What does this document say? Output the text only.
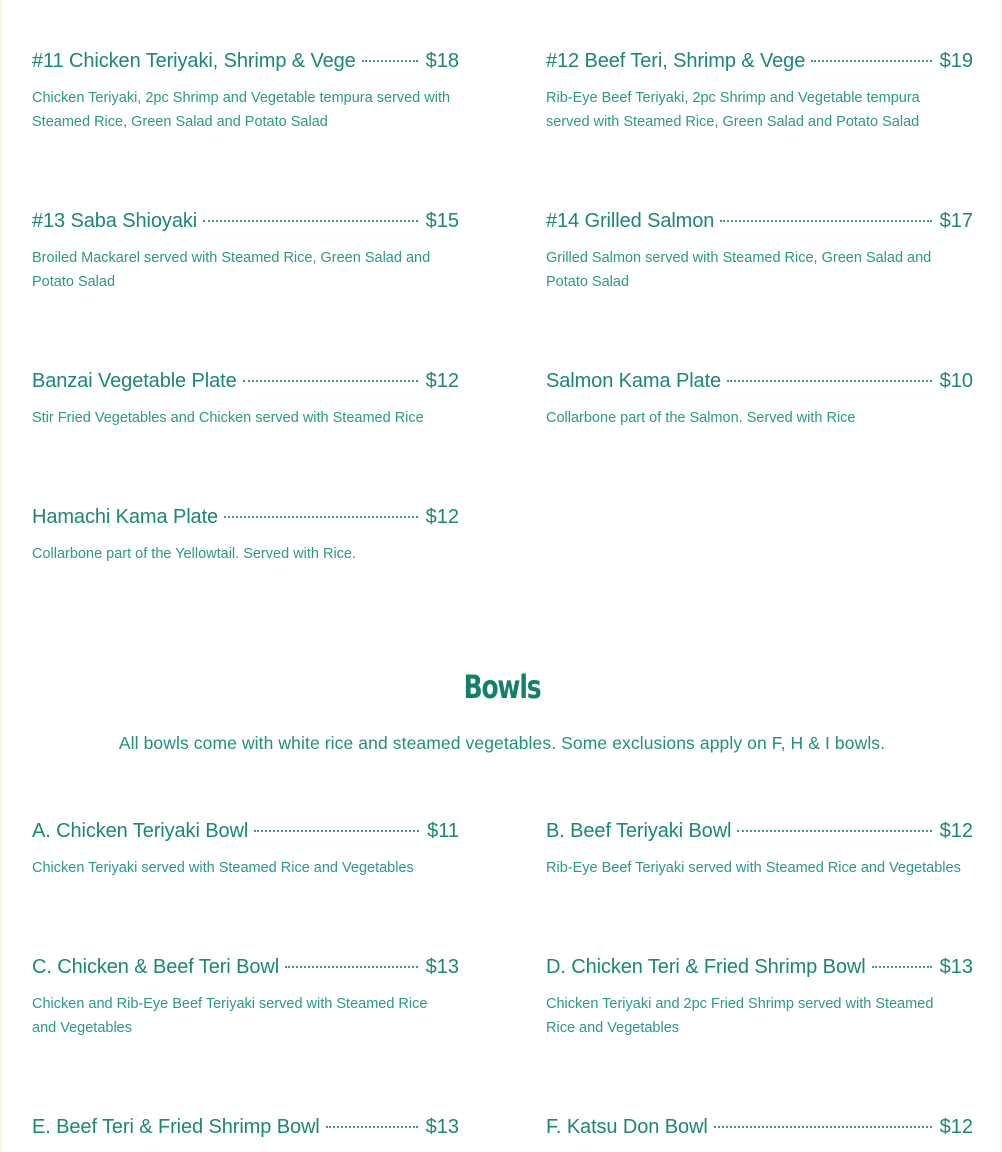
#11 Chicken Teriyaki, Shrimp & Vege	$18
Chicken Teriyaki, 2pc Shrimp and Vegetable tempura served with Steamed Rice, Green Salad and Potato Salad
#13 Saba Shioyaki	$15
Broiled Mackarel served with Steamed Rice, Green Salad and Potato Salad
Banzai Vegetable Plate	$12
Stir Fried Vegetables and Chicken served with Steamed Rice
Hamachi Kama Plate	$12
Collarbone part of the Yellowtail. Served with Rice.
#12 Beef Teri, Shrimp & Vege	$19
Rib-Eye Beef Teriyaki, 2pc Shrimp and Vegetable tempura served with Steamed Rice, Green Salad and Potato Salad
#14 Grilled Salmon	$17
Grilled Salmon served with Steamed Rice, Green Salad and Potato Salad
Salmon Kama Plate	$10
Collarbone part of the Salmon. Served with Rice
Bowls
All bowls come with white rice and steamed vegetables. Some exclusions apply on F, H & I bowls.
A. Chicken Teriyaki Bowl	$11
Chicken Teriyaki served with Steamed Rice and Vegetables
C. Chicken & Beef Teri Bowl	$13
Chicken and Rib-Eye Beef Teriyaki served with Steamed Rice and Vegetables
E. Beef Teri & Fried Shrimp Bowl	$13
B. Beef Teriyaki Bowl	$12
Rib-Eye Beef Teriyaki served with Steamed Rice and Vegetables
D. Chicken Teri & Fried Shrimp Bowl	$13
Chicken Teriyaki and 2pc Fried Shrimp served with Steamed Rice and Vegetables
F. Katsu Don Bowl	$12
